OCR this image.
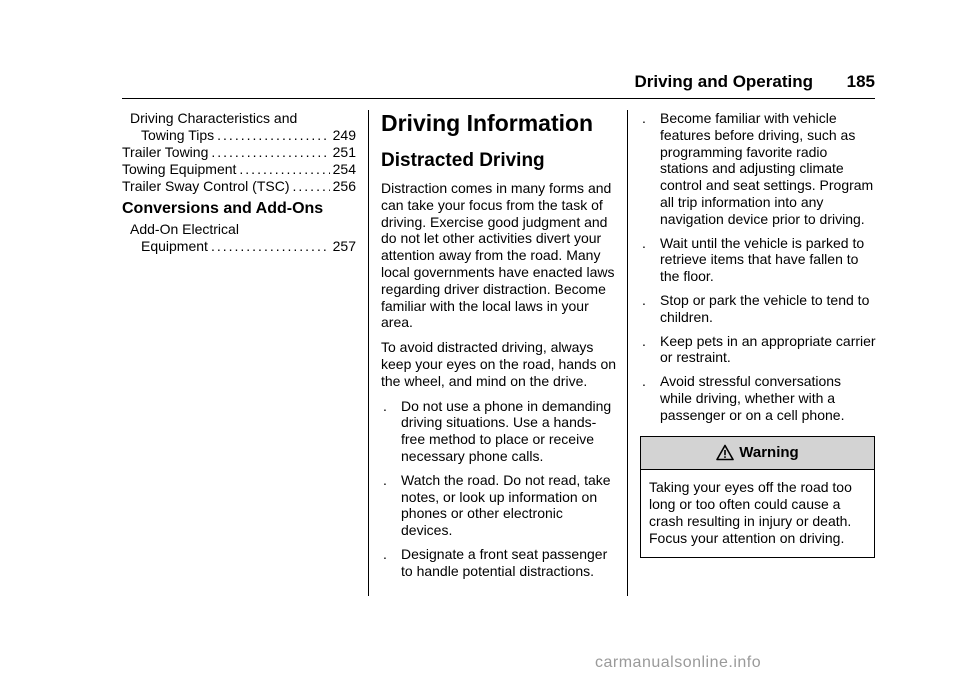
Driving and Operating 185
Driving Characteristics and
Towing Tips .....	249
Trailer Towing .....	251
Towing Equipment .....	254
Trailer Sway Control (TSC) .....	256
Conversions and Add-Ons
Add-On Electrical
Equipment .....	257
Driving Information
Distracted Driving

Distraction comes in many forms and can take your focus from the task of driving. Exercise good judgment and do not let other activities divert your attention away from the road. Many local governments have enacted laws regarding driver distraction. Become familiar with the local laws in your area.

To avoid distracted driving, always keep your eyes on the road, hands on the wheel, and mind on the drive.

.	Do not use a phone in demanding driving situations. Use a hands-free method to place or receive necessary phone calls.
.	Watch the road. Do not read, take notes, or look up information on phones or other electronic devices.
.	Designate a front seat passenger to handle potential distractions.
.	Become familiar with vehicle features before driving, such as programming favorite radio stations and adjusting climate control and seat settings. Program all trip information into any navigation device prior to driving.
.	Wait until the vehicle is parked to retrieve items that have fallen to the floor.
.	Stop or park the vehicle to tend to children.
.	Keep pets in an appropriate carrier or restraint.
.	Avoid stressful conversations while driving, whether with a passenger or on a cell phone.
Warning
Taking your eyes off the road too long or too often could cause a crash resulting in injury or death. Focus your attention on driving.
carmanualsonline.info
